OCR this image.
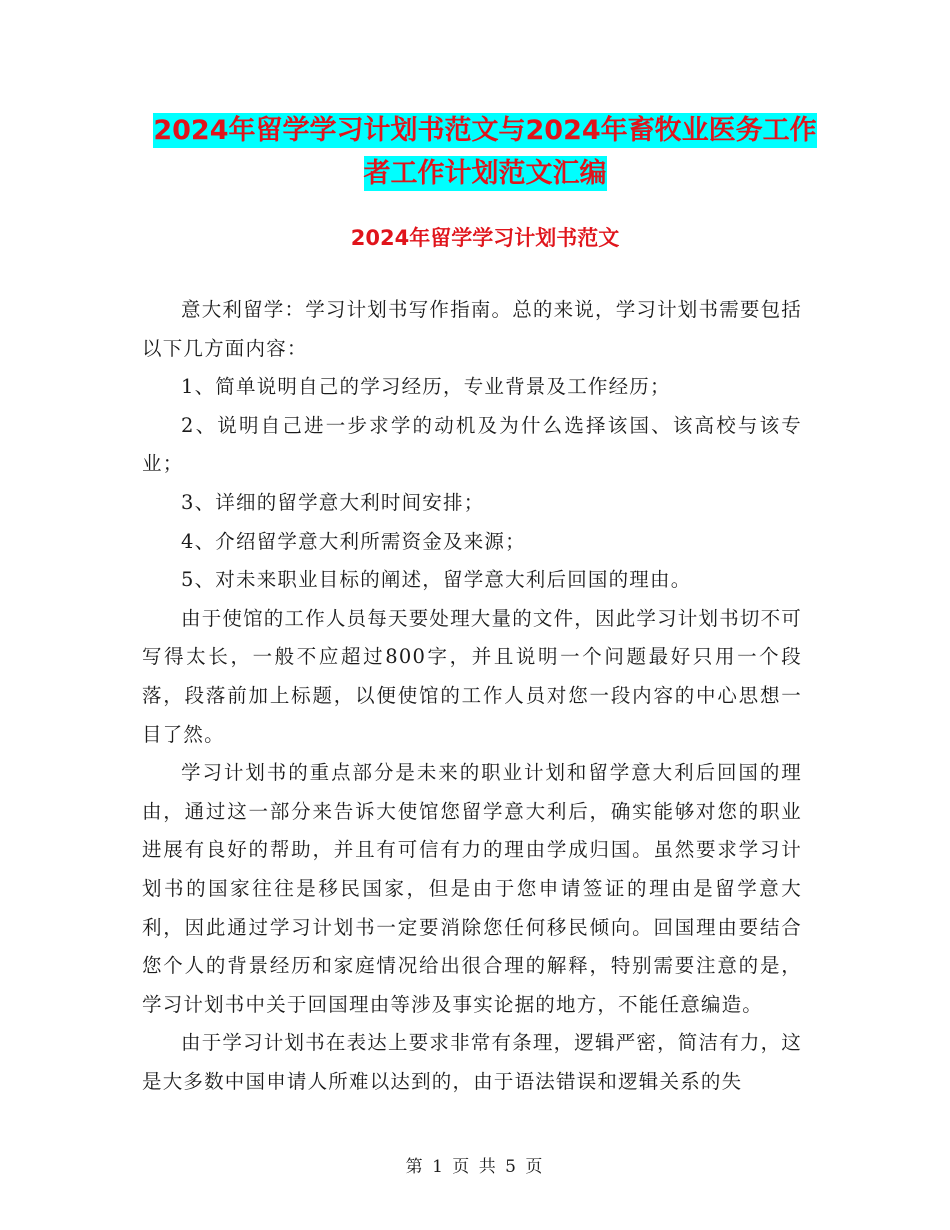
2024年留学学习计划书范文与2024年畜牧业医务工作
者工作计划范文汇编
2024年留学学习计划书范文

意大利留学：学习计划书写作指南。总的来说，学习计划书需要包括以下几方面内容：

1、简单说明自己的学习经历，专业背景及工作经历；

2、说明自己进一步求学的动机及为什么选择该国、该高校与该专业；

3、详细的留学意大利时间安排；

4、介绍留学意大利所需资金及来源；

5、对未来职业目标的阐述，留学意大利后回国的理由。

由于使馆的工作人员每天要处理大量的文件，因此学习计划书切不可写得太长，一般不应超过800字，并且说明一个问题最好只用一个段落，段落前加上标题，以便使馆的工作人员对您一段内容的中心思想一目了然。

学习计划书的重点部分是未来的职业计划和留学意大利后回国的理由，通过这一部分来告诉大使馆您留学意大利后，确实能够对您的职业进展有良好的帮助，并且有可信有力的理由学成归国。虽然要求学习计划书的国家往往是移民国家，但是由于您申请签证的理由是留学意大利，因此通过学习计划书一定要消除您任何移民倾向。回国理由要结合您个人的背景经历和家庭情况给出很合理的解释，特别需要注意的是，学习计划书中关于回国理由等涉及事实论据的地方，不能任意编造。

由于学习计划书在表达上要求非常有条理，逻辑严密，简洁有力，这是大多数中国申请人所难以达到的，由于语法错误和逻辑关系的失

第 1 页 共 5 页
